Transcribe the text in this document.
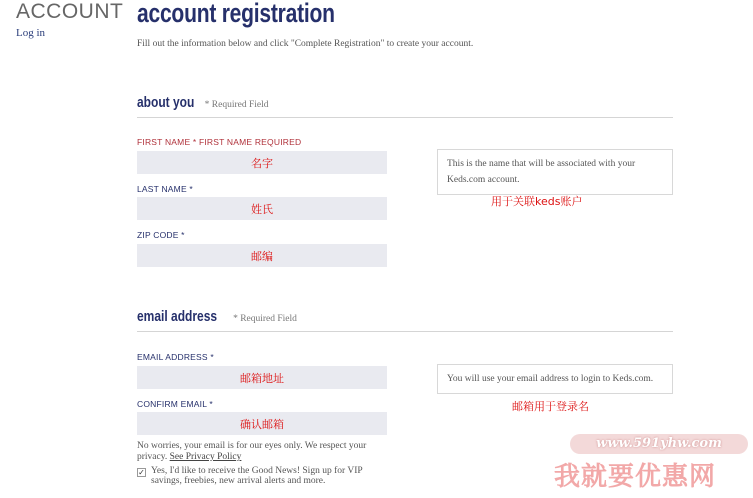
ACCOUNT
Log in
account registration
Fill out the information below and click "Complete Registration" to create your account.
about you * Required Field
FIRST NAME * FIRST NAME REQUIRED
名字
LAST NAME *
姓氏
ZIP CODE *
邮编
This is the name that will be associated with your Keds.com account.
用于关联keds账户
email address * Required Field
EMAIL ADDRESS *
邮箱地址
CONFIRM EMAIL *
确认邮箱
You will use your email address to login to Keds.com.
邮箱用于登录名
No worries, your email is for our eyes only. We respect your privacy. See Privacy Policy
✓ Yes, I'd like to receive the Good News! Sign up for VIP savings, freebies, new arrival alerts and more.
www.591yhw.com
我就要优惠网
